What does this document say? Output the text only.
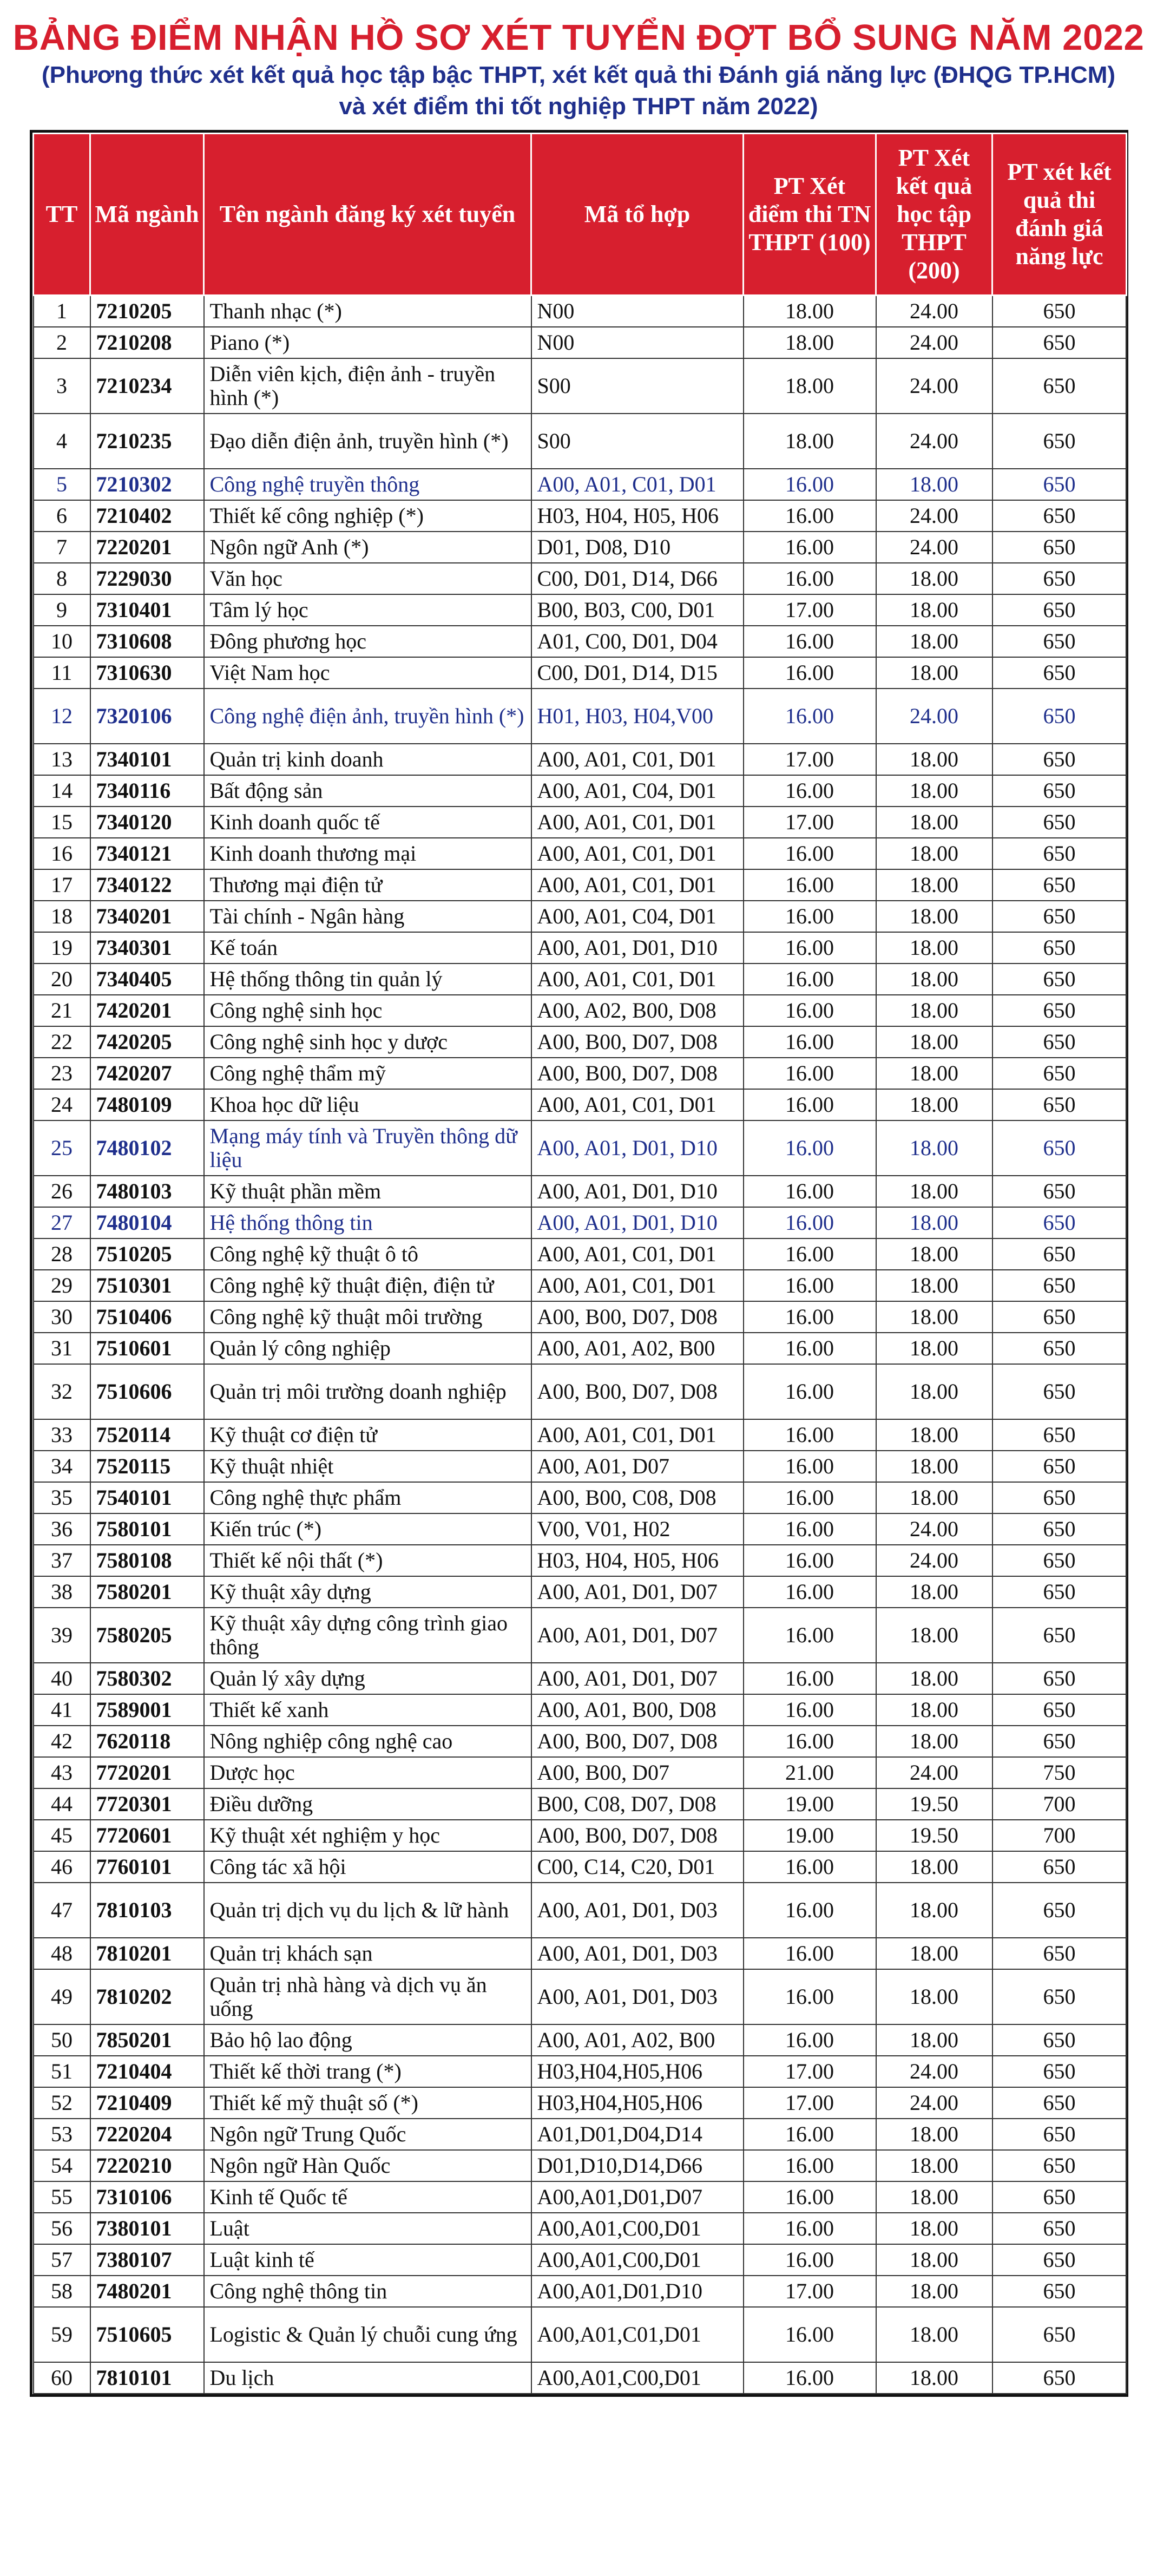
BẢNG ĐIỂM NHẬN HỒ SƠ XÉT TUYỂN ĐỢT BỔ SUNG NĂM 2022

(Phương thức xét kết quả học tập bậc THPT, xét kết quả thi Đánh giá năng lực (ĐHQG TP.HCM)

và xét điểm thi tốt nghiệp THPT năm 2022)

TT	Mã ngành	Tên ngành đăng ký xét tuyển	Mã tổ hợp	PT Xét điểm thi TN THPT (100)	PT Xét kết quả học tập THPT (200)	PT xét kết quả thi đánh giá năng lực
1	7210205	Thanh nhạc (*)	N00	18.00	24.00	650
2	7210208	Piano (*)	N00	18.00	24.00	650
3	7210234	Diễn viên kịch, điện ảnh - truyền hình (*)	S00	18.00	24.00	650
4	7210235	Đạo diễn điện ảnh, truyền hình (*)	S00	18.00	24.00	650
5	7210302	Công nghệ truyền thông	A00, A01, C01, D01	16.00	18.00	650
6	7210402	Thiết kế công nghiệp (*)	H03, H04, H05, H06	16.00	24.00	650
7	7220201	Ngôn ngữ Anh (*)	D01, D08, D10	16.00	24.00	650
8	7229030	Văn học	C00, D01, D14, D66	16.00	18.00	650
9	7310401	Tâm lý học	B00, B03, C00, D01	17.00	18.00	650
10	7310608	Đông phương học	A01, C00, D01, D04	16.00	18.00	650
11	7310630	Việt Nam học	C00, D01, D14, D15	16.00	18.00	650
12	7320106	Công nghệ điện ảnh, truyền hình (*)	H01, H03, H04,V00	16.00	24.00	650
13	7340101	Quản trị kinh doanh	A00, A01, C01, D01	17.00	18.00	650
14	7340116	Bất động sản	A00, A01, C04, D01	16.00	18.00	650
15	7340120	Kinh doanh quốc tế	A00, A01, C01, D01	17.00	18.00	650
16	7340121	Kinh doanh thương mại	A00, A01, C01, D01	16.00	18.00	650
17	7340122	Thương mại điện tử	A00, A01, C01, D01	16.00	18.00	650
18	7340201	Tài chính - Ngân hàng	A00, A01, C04, D01	16.00	18.00	650
19	7340301	Kế toán	A00, A01, D01, D10	16.00	18.00	650
20	7340405	Hệ thống thông tin quản lý	A00, A01, C01, D01	16.00	18.00	650
21	7420201	Công nghệ sinh học	A00, A02, B00, D08	16.00	18.00	650
22	7420205	Công nghệ sinh học y dược	A00, B00, D07, D08	16.00	18.00	650
23	7420207	Công nghệ thẩm mỹ	A00, B00, D07, D08	16.00	18.00	650
24	7480109	Khoa học dữ liệu	A00, A01, C01, D01	16.00	18.00	650
25	7480102	Mạng máy tính và Truyền thông dữ liệu	A00, A01, D01, D10	16.00	18.00	650
26	7480103	Kỹ thuật phần mềm	A00, A01, D01, D10	16.00	18.00	650
27	7480104	Hệ thống thông tin	A00, A01, D01, D10	16.00	18.00	650
28	7510205	Công nghệ kỹ thuật ô tô	A00, A01, C01, D01	16.00	18.00	650
29	7510301	Công nghệ kỹ thuật điện, điện tử	A00, A01, C01, D01	16.00	18.00	650
30	7510406	Công nghệ kỹ thuật môi trường	A00, B00, D07, D08	16.00	18.00	650
31	7510601	Quản lý công nghiệp	A00, A01, A02, B00	16.00	18.00	650
32	7510606	Quản trị môi trường doanh nghiệp	A00, B00, D07, D08	16.00	18.00	650
33	7520114	Kỹ thuật cơ điện tử	A00, A01, C01, D01	16.00	18.00	650
34	7520115	Kỹ thuật nhiệt	A00, A01, D07	16.00	18.00	650
35	7540101	Công nghệ thực phẩm	A00, B00, C08, D08	16.00	18.00	650
36	7580101	Kiến trúc (*)	V00, V01, H02	16.00	24.00	650
37	7580108	Thiết kế nội thất (*)	H03, H04, H05, H06	16.00	24.00	650
38	7580201	Kỹ thuật xây dựng	A00, A01, D01, D07	16.00	18.00	650
39	7580205	Kỹ thuật xây dựng công trình giao thông	A00, A01, D01, D07	16.00	18.00	650
40	7580302	Quản lý xây dựng	A00, A01, D01, D07	16.00	18.00	650
41	7589001	Thiết kế xanh	A00, A01, B00, D08	16.00	18.00	650
42	7620118	Nông nghiệp công nghệ cao	A00, B00, D07, D08	16.00	18.00	650
43	7720201	Dược học	A00, B00, D07	21.00	24.00	750
44	7720301	Điều dưỡng	B00, C08, D07, D08	19.00	19.50	700
45	7720601	Kỹ thuật xét nghiệm y học	A00, B00, D07, D08	19.00	19.50	700
46	7760101	Công tác xã hội	C00, C14, C20, D01	16.00	18.00	650
47	7810103	Quản trị dịch vụ du lịch & lữ hành	A00, A01, D01, D03	16.00	18.00	650
48	7810201	Quản trị khách sạn	A00, A01, D01, D03	16.00	18.00	650
49	7810202	Quản trị nhà hàng và dịch vụ ăn uống	A00, A01, D01, D03	16.00	18.00	650
50	7850201	Bảo hộ lao động	A00, A01, A02, B00	16.00	18.00	650
51	7210404	Thiết kế thời trang (*)	H03,H04,H05,H06	17.00	24.00	650
52	7210409	Thiết kế mỹ thuật số (*)	H03,H04,H05,H06	17.00	24.00	650
53	7220204	Ngôn ngữ Trung Quốc	A01,D01,D04,D14	16.00	18.00	650
54	7220210	Ngôn ngữ Hàn Quốc	D01,D10,D14,D66	16.00	18.00	650
55	7310106	Kinh tế Quốc tế	A00,A01,D01,D07	16.00	18.00	650
56	7380101	Luật	A00,A01,C00,D01	16.00	18.00	650
57	7380107	Luật kinh tế	A00,A01,C00,D01	16.00	18.00	650
58	7480201	Công nghệ thông tin	A00,A01,D01,D10	17.00	18.00	650
59	7510605	Logistic & Quản lý chuỗi cung ứng	A00,A01,C01,D01	16.00	18.00	650
60	7810101	Du lịch	A00,A01,C00,D01	16.00	18.00	650
